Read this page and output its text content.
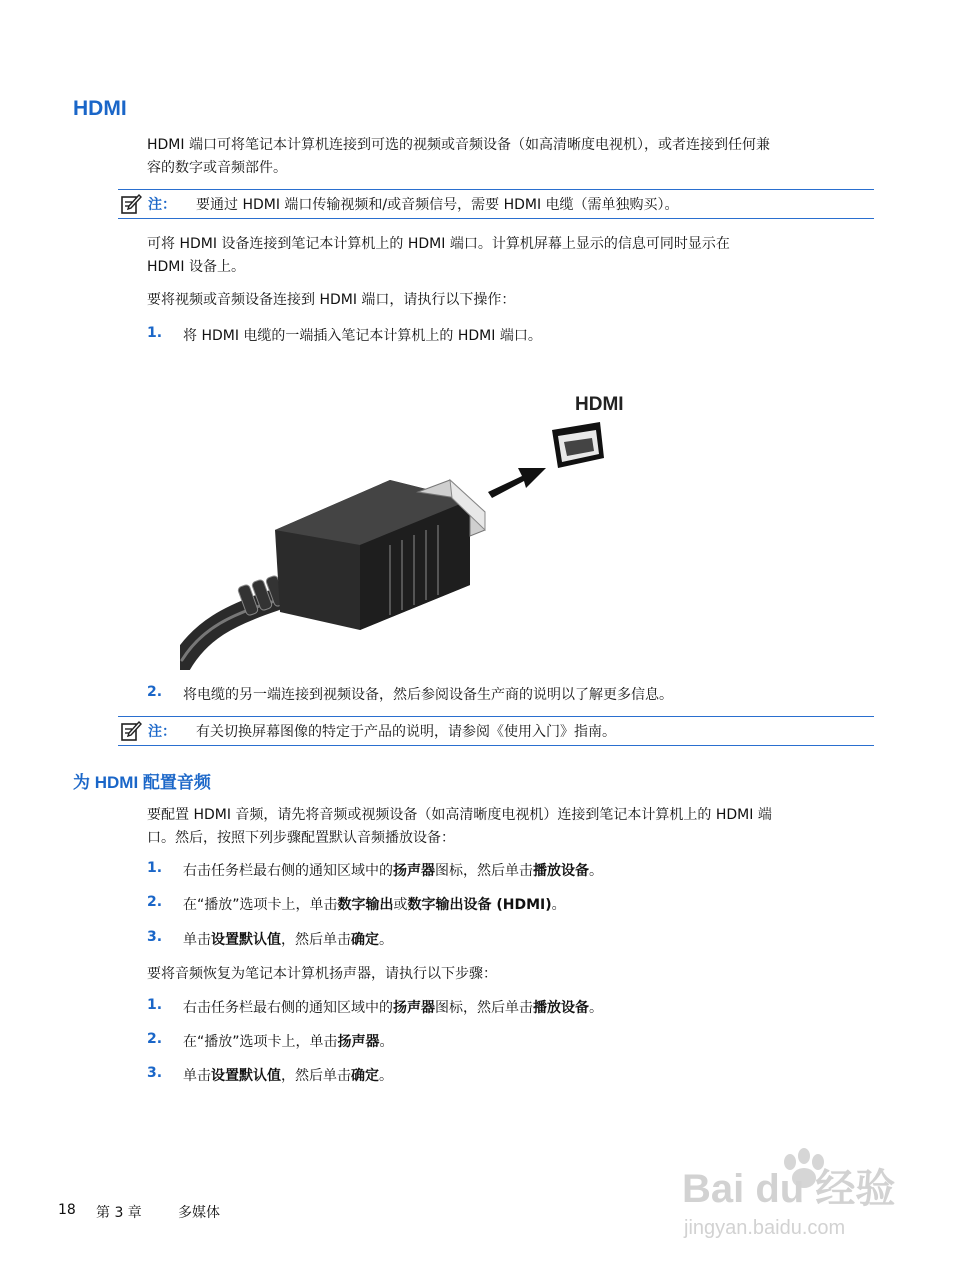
HDMI

HDMI 端口可将笔记本计算机连接到可选的视频或音频设备（如高清晰度电视机），或者连接到任何兼

容的数字或音频部件。

注： 要通过 HDMI 端口传输视频和/或音频信号，需要 HDMI 电缆（需单独购买）。

可将 HDMI 设备连接到笔记本计算机上的 HDMI 端口。计算机屏幕上显示的信息可同时显示在

HDMI 设备上。

要将视频或音频设备连接到 HDMI 端口，请执行以下操作：

1. 将 HDMI 电缆的一端插入笔记本计算机上的 HDMI 端口。
HDMI
2. 将电缆的另一端连接到视频设备，然后参阅设备生产商的说明以了解更多信息。
注： 有关切换屏幕图像的特定于产品的说明，请参阅《使用入门》指南。
为 HDMI 配置音频

要配置 HDMI 音频，请先将音频或视频设备（如高清晰度电视机）连接到笔记本计算机上的 HDMI 端

口。然后，按照下列步骤配置默认音频播放设备：

1. 右击任务栏最右侧的通知区域中的扬声器图标，然后单击播放设备。
2. 在“播放”选项卡上，单击数字输出或数字输出设备 (HDMI)。
3. 单击设置默认值，然后单击确定。

要将音频恢复为笔记本计算机扬声器，请执行以下步骤：

1. 右击任务栏最右侧的通知区域中的扬声器图标，然后单击播放设备。
2. 在“播放”选项卡上，单击扬声器。
3. 单击设置默认值，然后单击确定。
18 第 3 章	多媒体
Bai du 经验
jingyan.baidu.com
